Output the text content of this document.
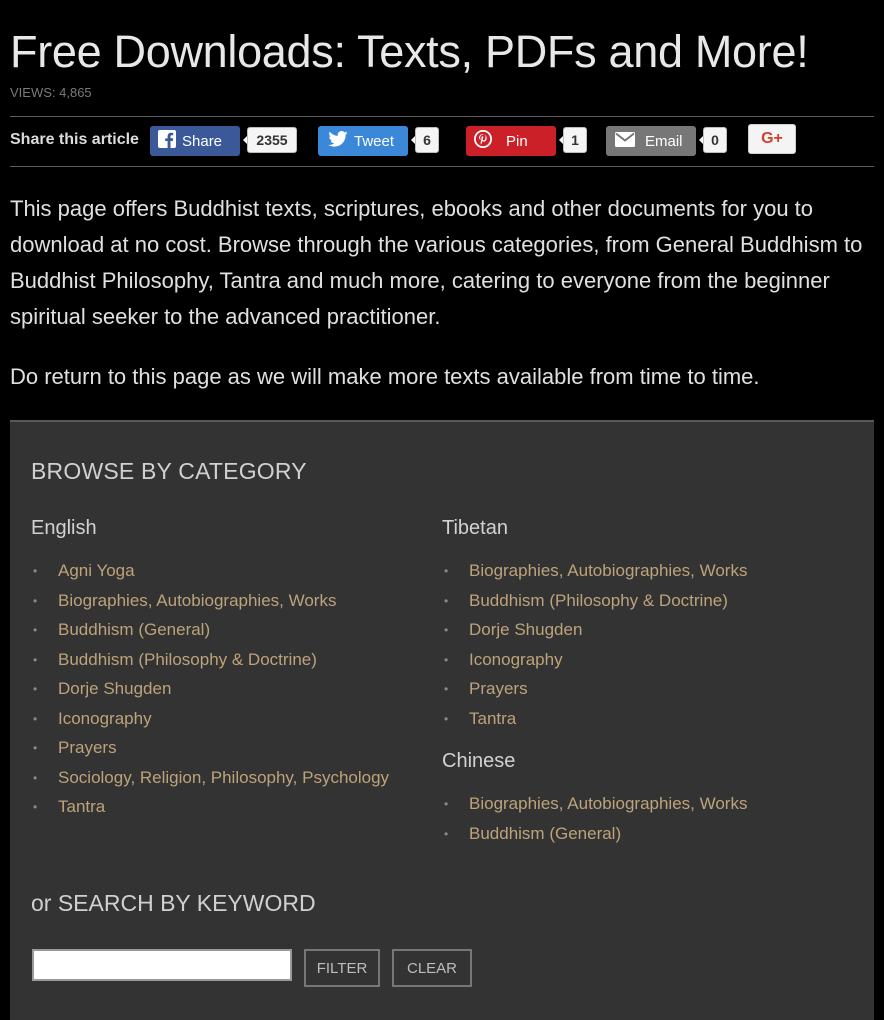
Free Downloads: Texts, PDFs and More!
VIEWS: 4,865
Share this article	Share	2355	Tweet	6	Pin	1	Email	0	G+

This page offers Buddhist texts, scriptures, ebooks and other documents for you to download at no cost. Browse through the various categories, from General Buddhism to Buddhist Philosophy, Tantra and much more, catering to everyone from the beginner spiritual seeker to the advanced practitioner.

Do return to this page as we will make more texts available from time to time.

BROWSE BY CATEGORY
English
• Agni Yoga
• Biographies, Autobiographies, Works
• Buddhism (General)
• Buddhism (Philosophy & Doctrine)
• Dorje Shugden
• Iconography
• Prayers
• Sociology, Religion, Philosophy, Psychology
• Tantra
Tibetan
• Biographies, Autobiographies, Works
• Buddhism (Philosophy & Doctrine)
• Dorje Shugden
• Iconography
• Prayers
• Tantra
Chinese
• Biographies, Autobiographies, Works
• Buddhism (General)
or SEARCH BY KEYWORD
FILTER	CLEAR
